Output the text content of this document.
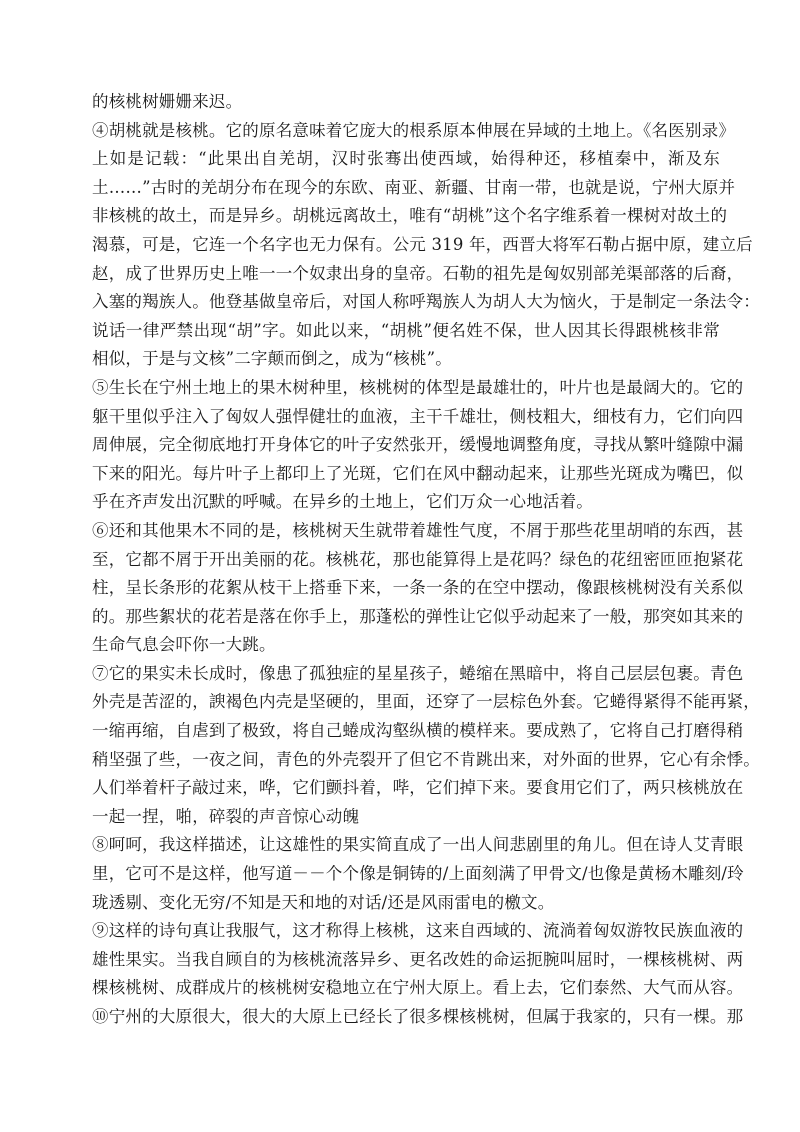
的核桃树姗姗来迟。
④胡桃就是核桃。它的原名意味着它庞大的根系原本伸展在异域的土地上。《名医别录》
上如是记载：“此果出自羌胡，汉时张骞出使西域，始得种还，移植秦中，渐及东
土……”古时的羌胡分布在现今的东欧、南亚、新疆、甘南一带，也就是说，宁州大原并
非核桃的故土，而是异乡。胡桃远离故土，唯有“胡桃”这个名字维系着一棵树对故土的
渴慕，可是，它连一个名字也无力保有。公元 319 年，西晋大将军石勒占据中原，建立后
赵，成了世界历史上唯一一个奴隶出身的皇帝。石勒的祖先是匈奴别部羌渠部落的后裔，
入塞的羯族人。他登基做皇帝后，对国人称呼羯族人为胡人大为恼火，于是制定一条法令：
说话一律严禁出现“胡”字。如此以来，“胡桃”便名姓不保，世人因其长得跟桃核非常
相似，于是与文核”二字颠而倒之，成为“核桃”。
⑤生长在宁州土地上的果木树种里，核桃树的体型是最雄壮的，叶片也是最阔大的。它的
躯干里似乎注入了匈奴人强悍健壮的血液，主干千雄壮，侧枝粗大，细枝有力，它们向四
周伸展，完全彻底地打开身体它的叶子安然张开，缓慢地调整角度，寻找从繁叶缝隙中漏
下来的阳光。每片叶子上都印上了光斑，它们在风中翻动起来，让那些光斑成为嘴巴，似
乎在齐声发出沉默的呼喊。在异乡的土地上，它们万众一心地活着。
⑥还和其他果木不同的是，核桃树天生就带着雄性气度，不屑于那些花里胡哨的东西，甚
至，它都不屑于开出美丽的花。核桃花，那也能算得上是花吗？绿色的花纽密匝匝抱紧花
柱，呈长条形的花絮从枝干上搭垂下来，一条一条的在空中摆动，像跟核桃树没有关系似
的。那些絮状的花若是落在你手上，那蓬松的弹性让它似乎动起来了一般，那突如其来的
生命气息会吓你一大跳。
⑦它的果实未长成时，像患了孤独症的星星孩子，蜷缩在黑暗中，将自己层层包裹。青色
外壳是苦涩的，諛褐色内壳是坚硬的，里面，还穿了一层棕色外套。它蜷得紧得不能再紧，
一缩再缩，自虐到了极致，将自己蜷成沟壑纵横的模样来。要成熟了，它将自己打磨得稍
稍坚强了些，一夜之间，青色的外壳裂开了但它不肯跳出来，对外面的世界，它心有余悸。
人们举着杆子敲过来，哗，它们颤抖着，哔，它们掉下来。要食用它们了，两只核桃放在
一起一捏，啪，碎裂的声音惊心动魄
⑧呵呵，我这样描述，让这雄性的果实简直成了一出人间悲剧里的角儿。但在诗人艾青眼
里，它可不是这样，他写道－－个个像是铜铸的/上面刻满了甲骨文/也像是黄杨木雕刻/玲
珑透剔、变化无穷/不知是天和地的对话/还是风雨雷电的檄文。
⑨这样的诗句真让我服气，这才称得上核桃，这来自西域的、流淌着匈奴游牧民族血液的
雄性果实。当我自顾自的为核桃流落异乡、更名改姓的命运扼腕叫屈时，一棵核桃树、两
棵核桃树、成群成片的核桃树安稳地立在宁州大原上。看上去，它们泰然、大气而从容。
⑩宁州的大原很大，很大的大原上已经长了很多棵核桃树，但属于我家的，只有一棵。那
